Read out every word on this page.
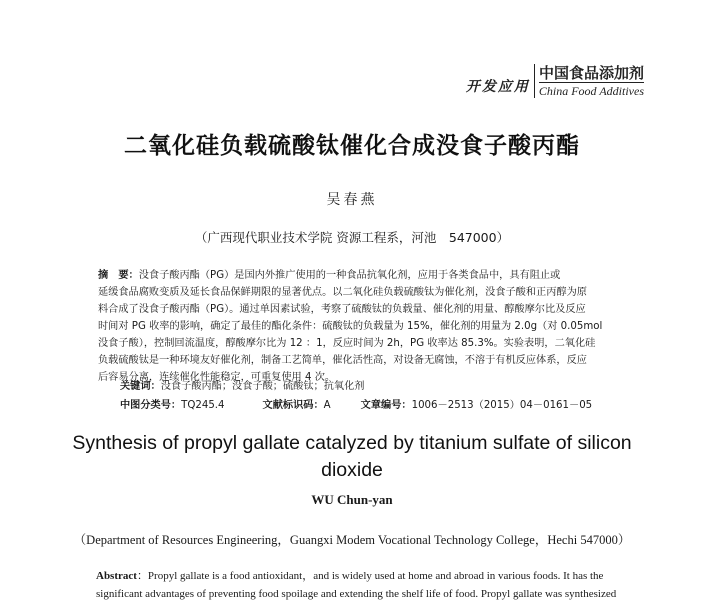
开发应用
中国食品添加剂
China Food Additives
二氧化硅负载硫酸钛催化合成没食子酸丙酯
吴春燕
（广西现代职业技术学院 资源工程系，河池　547000）
摘　要：没食子酸丙酯（PG）是国内外推广使用的一种食品抗氧化剂，应用于各类食品中，具有阻止或
延缓食品腐败变质及延长食品保鲜期限的显著优点。以二氧化硅负载硫酸钛为催化剂，没食子酸和正丙醇为原
料合成了没食子酸丙酯（PG）。通过单因素试验，考察了硫酸钛的负载量、催化剂的用量、醇酸摩尔比及反应
时间对 PG 收率的影响，确定了最佳的酯化条件：硫酸钛的负载量为 15%，催化剂的用量为 2.0g（对 0.05mol
没食子酸），控制回流温度，醇酸摩尔比为 12 ：1，反应时间为 2h，PG 收率达 85.3%。实验表明，二氧化硅
负载硫酸钛是一种环境友好催化剂，制备工艺简单，催化活性高，对设备无腐蚀，不溶于有机反应体系，反应
后容易分离，连续催化性能稳定，可重复使用 4 次。
关键词：没食子酸丙酯；没食子酸；硫酸钛；抗氧化剂
中图分类号：TQ245.4	文献标识码：A	文章编号：1006－2513（2015）04－0161－05
Synthesis of propyl gallate catalyzed by titanium sulfate of silicon
dioxide
WU Chun-yan
（Department of Resources Engineering，Guangxi Modem Vocational Technology College，Hechi 547000）
Abstract：Propyl gallate is a food antioxidant，and is widely used at home and abroad in various foods. It has the
significant advantages of preventing food spoilage and extending the shelf life of food. Propyl gallate was synthesized
